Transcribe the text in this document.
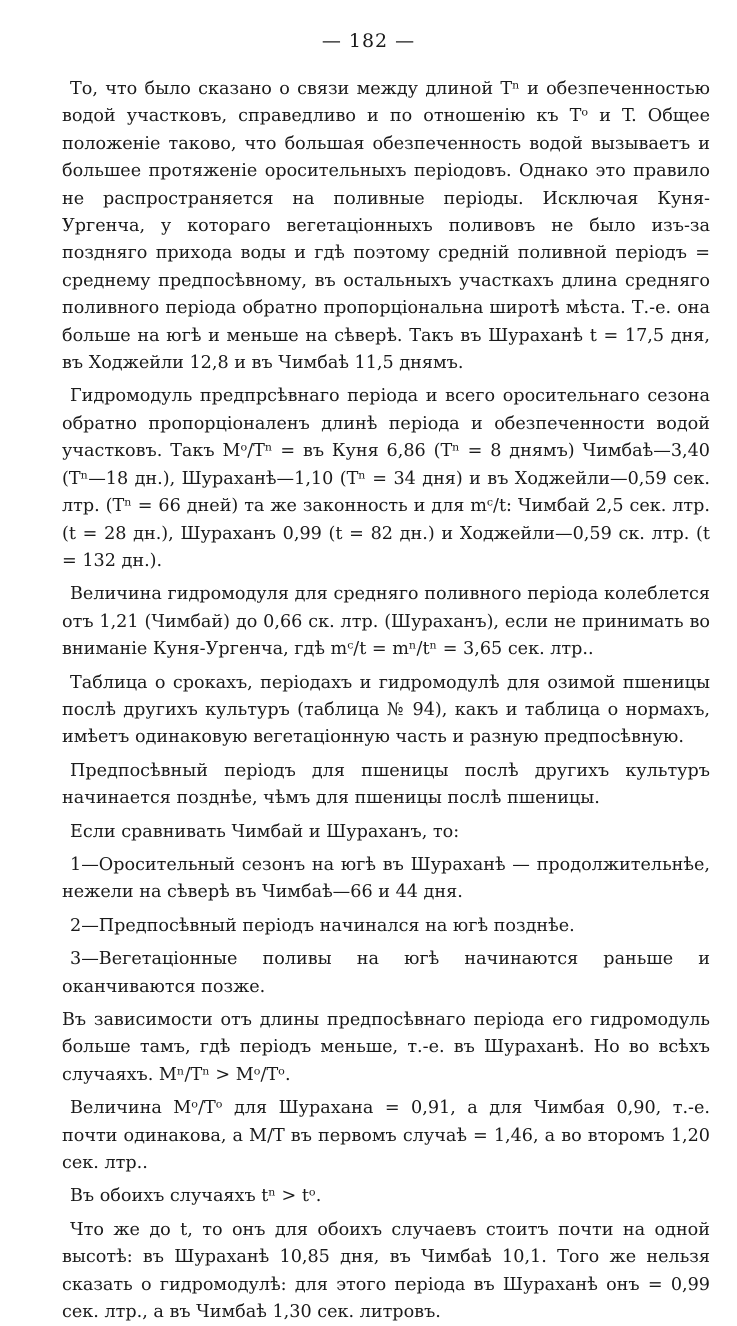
— 182 —

То, что было сказано о связи между длиной Tⁿ и обезпеченностью водой участковъ, справедливо и по отношенію къ Tᵒ и T. Общее положеніе таково, что большая обезпеченность водой вызываетъ и большее протяженіе оросительныхъ періодовъ. Однако это правило не распространяется на поливные періоды. Исключая Куня-Ургенча, у котораго вегетаціонныхъ поливовъ не было изъ-за поздняго прихода воды и гдѣ поэтому средній поливной періодъ = среднему предпосѣвному, въ остальныхъ участкахъ длина средняго поливного періода обратно пропорціональна широтѣ мѣста. Т.-е. она больше на югѣ и меньше на сѣверѣ. Такъ въ Шураханѣ t = 17,5 дня, въ Ходжейли 12,8 и въ Чимбаѣ 11,5 днямъ.

Гидромодуль предпрсѣвнаго періода и всего оросительнаго сезона обратно пропорціоналенъ длинѣ періода и обезпеченности водой участковъ. Такъ Mᵒ/Tⁿ = въ Куня 6,86 (Tⁿ = 8 днямъ) Чимбаѣ—3,40 (Tⁿ—18 дн.), Шураханѣ—1,10 (Tⁿ = 34 дня) и въ Ходжейли—0,59 сек. лтр. (Tⁿ = 66 дней) та же законность и для mᶜ/t: Чимбай 2,5 сек. лтр. (t = 28 дн.), Шураханъ 0,99 (t = 82 дн.) и Ходжейли—0,59 ск. лтр. (t = 132 дн.).

Величина гидромодуля для средняго поливного періода колеблется отъ 1,21 (Чимбай) до 0,66 ск. лтр. (Шураханъ), если не принимать во вниманіе Куня-Ургенча, гдѣ mᶜ/t = mⁿ/tⁿ = 3,65 сек. лтр..

Таблица о срокахъ, періодахъ и гидромодулѣ для озимой пшеницы послѣ другихъ культуръ (таблица № 94), какъ и таблица о нормахъ, имѣетъ одинаковую вегетаціонную часть и разную предпосѣвную.

Предпосѣвный періодъ для пшеницы послѣ другихъ культуръ начинается позднѣе, чѣмъ для пшеницы послѣ пшеницы.

Если сравнивать Чимбай и Шураханъ, то:

1—Оросительный сезонъ на югѣ въ Шураханѣ — продолжительнѣе, нежели на сѣверѣ въ Чимбаѣ—66 и 44 дня.

2—Предпосѣвный періодъ начинался на югѣ позднѣе.

3—Вегетаціонные поливы на югѣ начинаются раньше и оканчиваются позже.

Въ зависимости отъ длины предпосѣвнаго періода его гидромодуль больше тамъ, гдѣ періодъ меньше, т.-е. въ Шураханѣ. Но во всѣхъ случаяхъ. Mⁿ/Tⁿ > Mᵒ/Tᵒ.

Величина Mᵒ/Tᵒ для Шурахана = 0,91, а для Чимбая 0,90, т.-е. почти одинакова, а M/T въ первомъ случаѣ = 1,46, а во второмъ 1,20 сек. лтр..

Въ обоихъ случаяхъ tⁿ > tᵒ.

Что же до t, то онъ для обоихъ случаевъ стоитъ почти на одной высотѣ: въ Шураханѣ 10,85 дня, въ Чимбаѣ 10,1. Того же нельзя сказать о гидромодулѣ: для этого періода въ Шураханѣ онъ = 0,99 сек. лтр., а въ Чимбаѣ 1,30 сек. литровъ.
